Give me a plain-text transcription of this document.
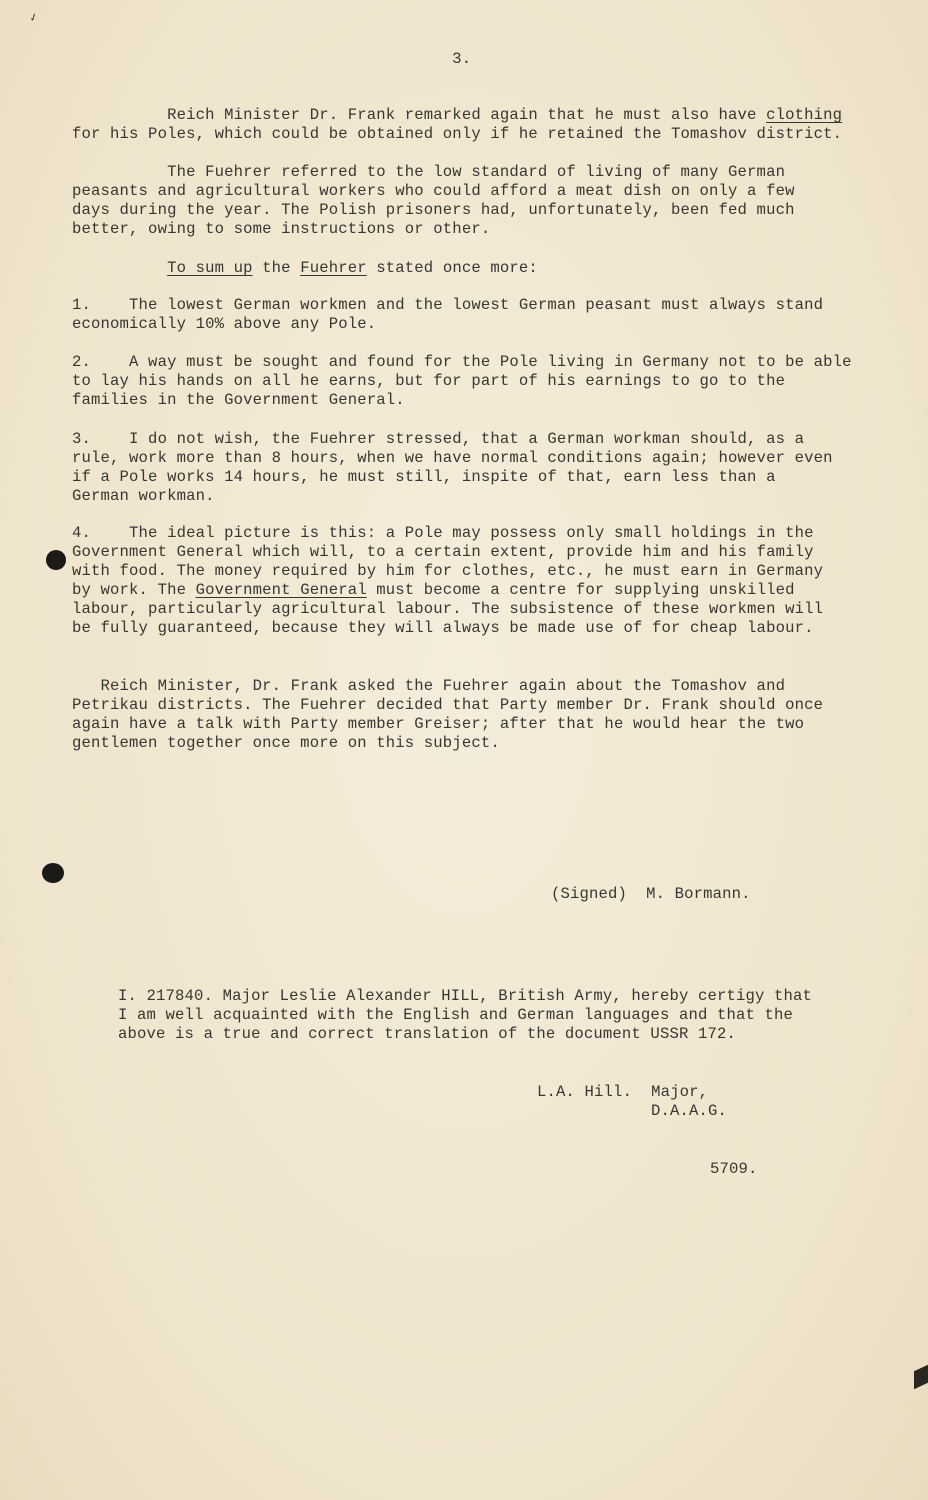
✓
3.
Reich Minister Dr. Frank remarked again that he must also have clothing
for his Poles, which could be obtained only if he retained the Tomashov district.
The Fuehrer referred to the low standard of living of many German
peasants and agricultural workers who could afford a meat dish on only a few
days during the year. The Polish prisoners had, unfortunately, been fed much
better, owing to some instructions or other.
To sum up the Fuehrer stated once more:
1.    The lowest German workmen and the lowest German peasant must always stand
economically 10% above any Pole.
2.    A way must be sought and found for the Pole living in Germany not to be able
to lay his hands on all he earns, but for part of his earnings to go to the
families in the Government General.
3.    I do not wish, the Fuehrer stressed, that a German workman should, as a
rule, work more than 8 hours, when we have normal conditions again; however even
if a Pole works 14 hours, he must still, inspite of that, earn less than a
German workman.
4.    The ideal picture is this: a Pole may possess only small holdings in the
Government General which will, to a certain extent, provide him and his family
with food. The money required by him for clothes, etc., he must earn in Germany
by work. The Government General must become a centre for supplying unskilled
labour, particularly agricultural labour. The subsistence of these workmen will
be fully guaranteed, because they will always be made use of for cheap labour.
Reich Minister, Dr. Frank asked the Fuehrer again about the Tomashov and
Petrikau districts. The Fuehrer decided that Party member Dr. Frank should once
again have a talk with Party member Greiser; after that he would hear the two
gentlemen together once more on this subject.
(Signed)  M. Bormann.
I. 217840. Major Leslie Alexander HILL, British Army, hereby certigy that
I am well acquainted with the English and German languages and that the
above is a true and correct translation of the document USSR 172.
L.A. Hill.  Major,
D.A.A.G.
5709.
